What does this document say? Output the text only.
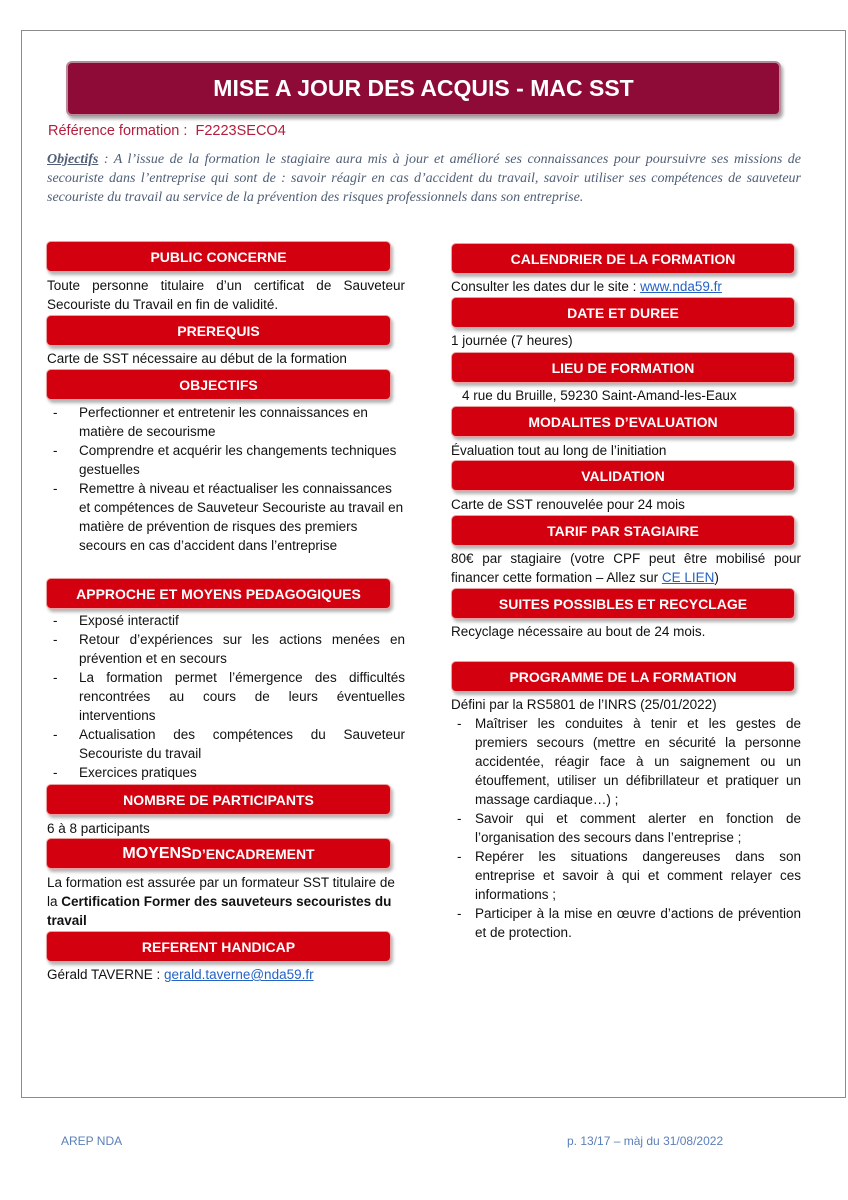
MISE A JOUR DES ACQUIS - MAC SST
Référence formation : F2223SECO4
Objectifs : A l’issue de la formation le stagiaire aura mis à jour et amélioré ses connaissances pour poursuivre ses missions de secouriste dans l’entreprise qui sont de : savoir réagir en cas d’accident du travail, savoir utiliser ses compétences de sauveteur secouriste du travail au service de la prévention des risques professionnels dans son entreprise.
PUBLIC CONCERNE
Toute personne titulaire d’un certificat de Sauveteur Secouriste du Travail en fin de validité.
PREREQUIS
Carte de SST nécessaire au début de la formation
OBJECTIFS
- Perfectionner et entretenir les connaissances en matière de secourisme
- Comprendre et acquérir les changements techniques gestuelles
- Remettre à niveau et réactualiser les connaissances et compétences de Sauveteur Secouriste au travail en matière de prévention de risques des premiers secours en cas d’accident dans l’entreprise
APPROCHE ET MOYENS PEDAGOGIQUES
- Exposé interactif
- Retour d’expériences sur les actions menées en prévention et en secours
- La formation permet l’émergence des difficultés rencontrées au cours de leurs éventuelles interventions
- Actualisation des compétences du Sauveteur Secouriste du travail
- Exercices pratiques
NOMBRE DE PARTICIPANTS
6 à 8 participants
MOYENS D’ENCADREMENT
La formation est assurée par un formateur SST titulaire de la Certification Former des sauveteurs secouristes du travail
REFERENT HANDICAP
Gérald TAVERNE : gerald.taverne@nda59.fr
CALENDRIER DE LA FORMATION
Consulter les dates dur le site : www.nda59.fr
DATE ET DUREE
1 journée (7 heures)
LIEU DE FORMATION
4 rue du Bruille, 59230 Saint-Amand-les-Eaux
MODALITES D’EVALUATION
Évaluation tout au long de l’initiation
VALIDATION
Carte de SST renouvelée pour 24 mois
TARIF PAR STAGIAIRE
80€ par stagiaire (votre CPF peut être mobilisé pour financer cette formation – Allez sur CE LIEN)
SUITES POSSIBLES ET RECYCLAGE
Recyclage nécessaire au bout de 24 mois.
PROGRAMME DE LA FORMATION
Défini par la RS5801 de l’INRS (25/01/2022)
- Maîtriser les conduites à tenir et les gestes de premiers secours (mettre en sécurité la personne accidentée, réagir face à un saignement ou un étouffement, utiliser un défibrillateur et pratiquer un massage cardiaque…) ;
- Savoir qui et comment alerter en fonction de l’organisation des secours dans l’entreprise ;
- Repérer les situations dangereuses dans son entreprise et savoir à qui et comment relayer ces informations ;
- Participer à la mise en œuvre d’actions de prévention et de protection.
AREP NDA	p. 13/17 – màj du 31/08/2022
